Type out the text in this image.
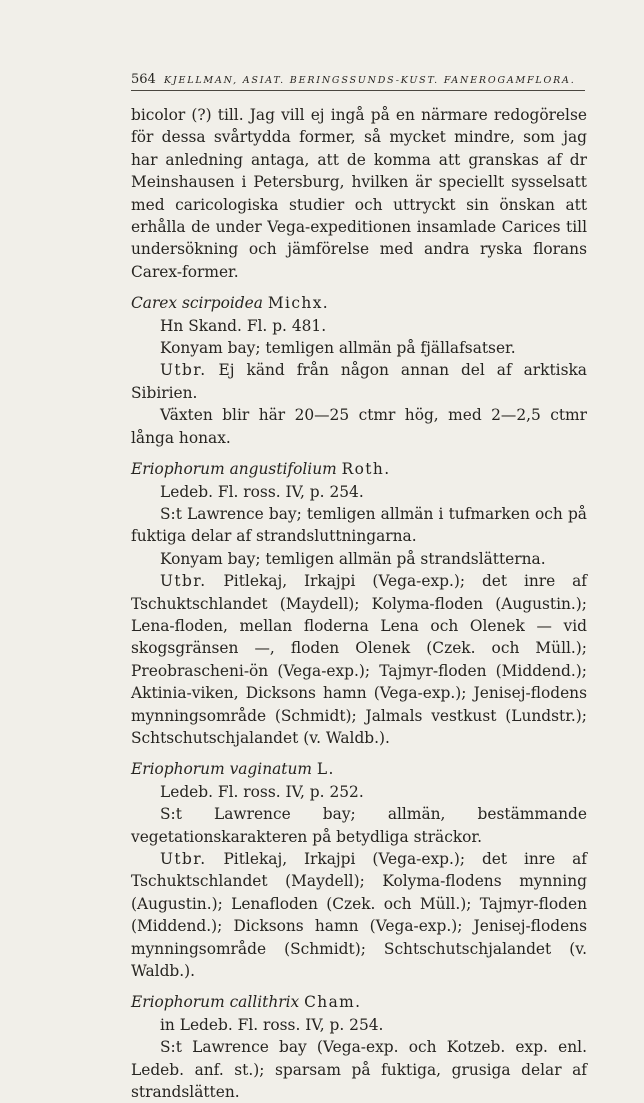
564 KJELLMAN, ASIAT. BERINGSSUNDS-KUST. FANEROGAMFLORA.

bicolor (?) till. Jag vill ej ingå på en närmare redogörelse för dessa svårtydda former, så mycket mindre, som jag har anledning antaga, att de komma att granskas af dr Meinshausen i Petersburg, hvilken är speciellt sysselsatt med caricologiska studier och uttryckt sin önskan att erhålla de under Vega-expeditionen insamlade Carices till undersökning och jämförelse med andra ryska florans Carex-former.

Carex scirpoidea Michx.

Hn Skand. Fl. p. 481.

Konyam bay; temligen allmän på fjällafsatser.

Utbr. Ej känd från någon annan del af arktiska Sibirien.

Växten blir här 20—25 ctmr hög, med 2—2,5 ctmr långa honax.

Eriophorum angustifolium Roth.

Ledeb. Fl. ross. IV, p. 254.

S:t Lawrence bay; temligen allmän i tufmarken och på fuktiga delar af strandsluttningarna.

Konyam bay; temligen allmän på strandslätterna.

Utbr. Pitlekaj, Irkajpi (Vega-exp.); det inre af Tschuktschlandet (Maydell); Kolyma-floden (Augustin.); Lena-floden, mellan floderna Lena och Olenek — vid skogsgränsen —, floden Olenek (Czek. och Müll.); Preobrascheni-ön (Vega-exp.); Tajmyr-floden (Middend.); Aktinia-viken, Dicksons hamn (Vega-exp.); Jenisej-flodens mynningsområde (Schmidt); Jalmals vestkust (Lundstr.); Schtschutschjalandet (v. Waldb.).

Eriophorum vaginatum L.

Ledeb. Fl. ross. IV, p. 252.

S:t Lawrence bay; allmän, bestämmande vegetationskarakteren på betydliga sträckor.

Utbr. Pitlekaj, Irkajpi (Vega-exp.); det inre af Tschuktschlandet (Maydell); Kolyma-flodens mynning (Augustin.); Lenafloden (Czek. och Müll.); Tajmyr-floden (Middend.); Dicksons hamn (Vega-exp.); Jenisej-flodens mynningsområde (Schmidt); Schtschutschjalandet (v. Waldb.).

Eriophorum callithrix Cham.

in Ledeb. Fl. ross. IV, p. 254.

S:t Lawrence bay (Vega-exp. och Kotzeb. exp. enl. Ledeb. anf. st.); sparsam på fuktiga, grusiga delar af strandslätten.
